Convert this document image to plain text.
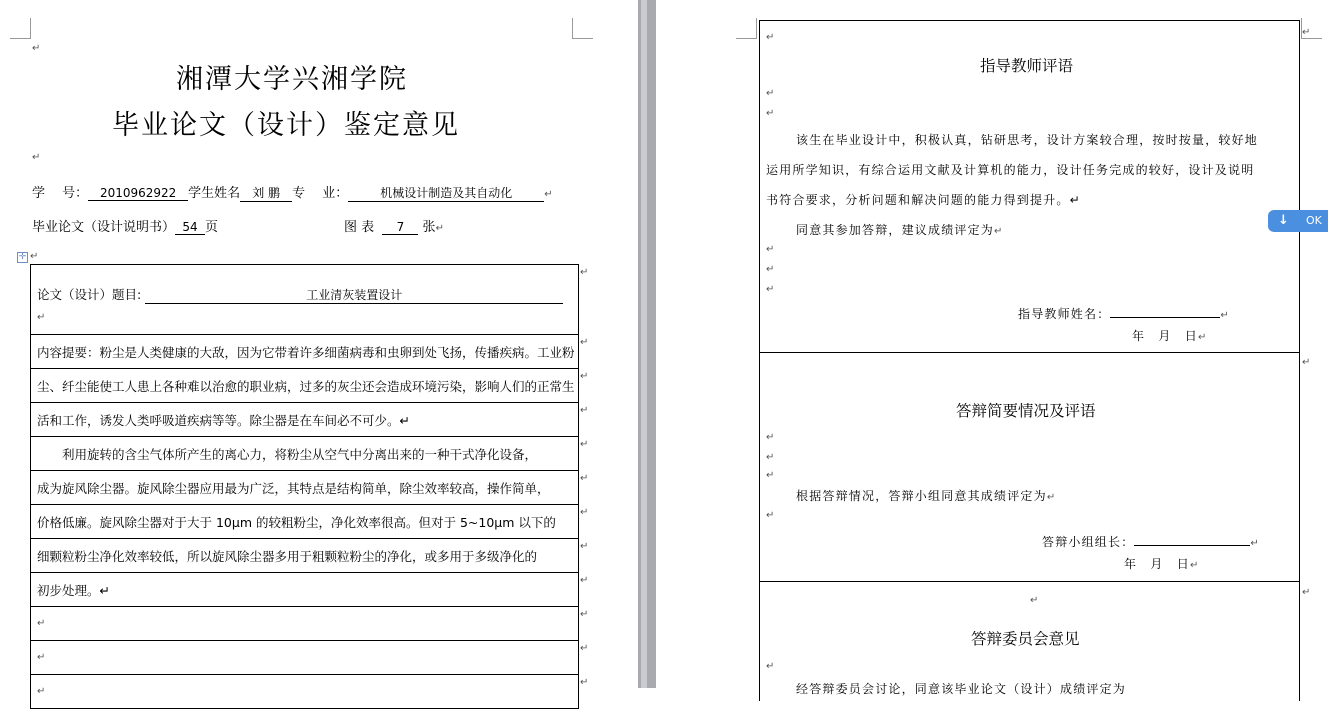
↵
湘潭大学兴湘学院
毕业论文（设计）鉴定意见
↵
学　 号： 2010962922 学生姓名 刘 鹏 专　 业：	机械设计制造及其自动化	↵
毕业论文（设计说明书） 54 页	图 表 7 张↵
✛ ↵
论文（设计）题目:	工业清灰装置设计
↵

内容提要：粉尘是人类健康的大敌，因为它带着许多细菌病毒和虫卵到处飞扬，传播疾病。工业粉
尘、纤尘能使工人患上各种难以治愈的职业病，过多的灰尘还会造成环境污染，影响人们的正常生
活和工作，诱发人类呼吸道疾病等等。除尘器是在车间必不可少。↵
　　利用旋转的含尘气体所产生的离心力，将粉尘从空气中分离出来的一种干式净化设备，
成为旋风除尘器。旋风除尘器应用最为广泛，其特点是结构简单，除尘效率较高，操作简单，
价格低廉。旋风除尘器对于大于 10μm 的较粗粉尘，净化效率很高。但对于 5~10μm 以下的
细颗粒粉尘净化效率较低，所以旋风除尘器多用于粗颗粒粉尘的净化，或多用于多级净化的
初步处理。↵
↵
↵
↵
↵
↵
↵
↵
↵
↵
↵
↵
↵
↵
↵
↵
↵
指导教师评语
↵
↵
该生在毕业设计中，积极认真，钻研思考，设计方案较合理，按时按量，较好地
运用所学知识，有综合运用文献及计算机的能力，设计任务完成的较好，设计及说明
书符合要求，分析问题和解决问题的能力得到提升。↵
同意其参加答辩，建议成绩评定为↵
↵
↵
↵
指导教师姓名：	↵
年　月　日↵
答辩简要情况及评语
↵
↵
↵
根据答辩情况，答辩小组同意其成绩评定为↵
↵
答辩小组组长：	↵
年　月　日↵
↵
答辩委员会意见
↵
经答辩委员会讨论，同意该毕业论文（设计）成绩评定为
↵
↵
↵
↓ OK
